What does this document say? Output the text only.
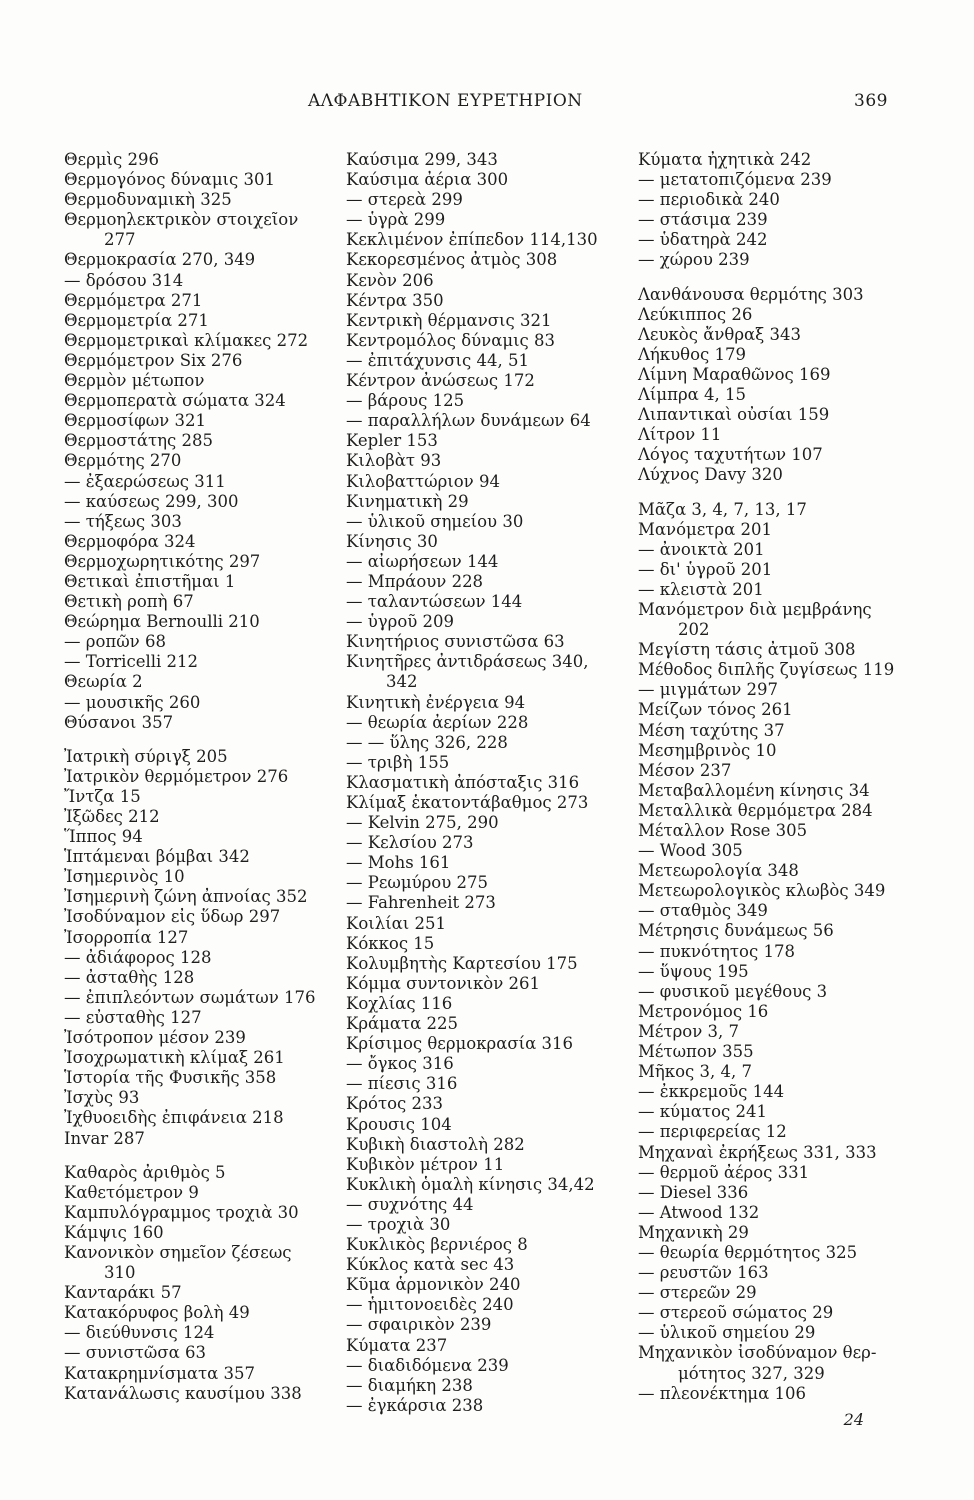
ΑΛΦΑΒΗΤΙΚΟΝ ΕΥΡΕΤΗΡΙΟΝ	369
Θερμὶς 296
Θερμογόνος δύναμις 301
Θερμοδυναμικὴ 325
Θερμοηλεκτρικὸν στοιχεῖον
277
Θερμοκρασία 270, 349
— δρόσου 314
Θερμόμετρα 271
Θερμομετρία 271
Θερμομετρικαὶ κλίμακες 272
Θερμόμετρον Six 276
Θερμὸν μέτωπον
Θερμοπερατὰ σώματα 324
Θερμοσίφων 321
Θερμοστάτης 285
Θερμότης 270
— ἐξαερώσεως 311
— καύσεως 299, 300
— τήξεως 303
Θερμοφόρα 324
Θερμοχωρητικότης 297
Θετικαὶ ἐπιστῆμαι 1
Θετικὴ ροπὴ 67
Θεώρημα Bernoulli 210
— ροπῶν 68
— Torricelli 212
Θεωρία 2
— μουσικῆς 260
Θύσανοι 357
Ἰατρικὴ σύριγξ 205
Ἰατρικὸν θερμόμετρον 276
Ἴντζα 15
Ἰξῶδες 212
Ἵππος 94
Ἱπτάμεναι βόμβαι 342
Ἰσημερινὸς 10
Ἰσημερινὴ ζώνη ἀπνοίας 352
Ἰσοδύναμον εἰς ὕδωρ 297
Ἰσορροπία 127
— ἀδιάφορος 128
— ἀσταθὴς 128
— ἐπιπλεόντων σωμάτων 176
— εὐσταθὴς 127
Ἰσότροπον μέσον 239
Ἰσοχρωματικὴ κλίμαξ 261
Ἱστορία τῆς Φυσικῆς 358
Ἰσχὺς 93
Ἰχθυοειδὴς ἐπιφάνεια 218
Invar 287
Καθαρὸς ἀριθμὸς 5
Καθετόμετρον 9
Καμπυλόγραμμος τροχιὰ 30
Κάμψις 160
Κανονικὸν σημεῖον ζέσεως
310
Κανταράκι 57
Κατακόρυφος βολὴ 49
— διεύθυνσις 124
— συνιστῶσα 63
Κατακρημνίσματα 357
Κατανάλωσις καυσίμου 338
Καύσιμα 299, 343
Καύσιμα ἀέρια 300
— στερεὰ 299
— ὑγρὰ 299
Κεκλιμένον ἐπίπεδον 114,130
Κεκορεσμένος ἀτμὸς 308
Κενὸν 206
Κέντρα 350
Κεντρικὴ θέρμανσις 321
Κεντρομόλος δύναμις 83
— ἐπιτάχυνσις 44, 51
Κέντρον ἀνώσεως 172
— βάρους 125
— παραλλήλων δυνάμεων 64
Kepler 153
Κιλοβὰτ 93
Κιλοβαττώριον 94
Κινηματικὴ 29
— ὑλικοῦ σημείου 30
Κίνησις 30
— αἰωρήσεων 144
— Μπράουν 228
— ταλαντώσεων 144
— ὑγροῦ 209
Κινητήριος συνιστῶσα 63
Κινητῆρες ἀντιδράσεως 340,
342
Κινητικὴ ἐνέργεια 94
— θεωρία ἀερίων 228
— — ὕλης 326, 228
— τριβὴ 155
Κλασματικὴ ἀπόσταξις 316
Κλίμαξ ἑκατοντάβαθμος 273
— Kelvin 275, 290
— Κελσίου 273
— Mohs 161
— Ρεωμύρου 275
— Fahrenheit 273
Κοιλίαι 251
Κόκκος 15
Κολυμβητὴς Καρτεσίου 175
Κόμμα συντονικὸν 261
Κοχλίας 116
Κράματα 225
Κρίσιμος θερμοκρασία 316
— ὄγκος 316
— πίεσις 316
Κρότος 233
Κρουσις 104
Κυβικὴ διαστολὴ 282
Κυβικὸν μέτρον 11
Κυκλικὴ ὁμαλὴ κίνησις 34,42
— συχνότης 44
— τροχιὰ 30
Κυκλικὸς βερνιέρος 8
Κύκλος κατὰ sec 43
Κῦμα ἁρμονικὸν 240
— ἡμιτονοειδὲς 240
— σφαιρικὸν 239
Κύματα 237
— διαδιδόμενα 239
— διαμήκη 238
— ἐγκάρσια 238
Κύματα ἠχητικὰ 242
— μετατοπιζόμενα 239
— περιοδικὰ 240
— στάσιμα 239
— ὑδατηρὰ 242
— χώρου 239
Λανθάνουσα θερμότης 303
Λεύκιππος 26
Λευκὸς ἄνθραξ 343
Λήκυθος 179
Λίμνη Μαραθῶνος 169
Λίμπρα 4, 15
Λιπαντικαὶ οὐσίαι 159
Λίτρον 11
Λόγος ταχυτήτων 107
Λύχνος Davy 320
Μᾶζα 3, 4, 7, 13, 17
Μανόμετρα 201
— ἀνοικτὰ 201
— δι' ὑγροῦ 201
— κλειστὰ 201
Μανόμετρον διὰ μεμβράνης
202
Μεγίστη τάσις ἀτμοῦ 308
Μέθοδος διπλῆς ζυγίσεως 119
— μιγμάτων 297
Μείζων τόνος 261
Μέση ταχύτης 37
Μεσημβρινὸς 10
Μέσον 237
Μεταβαλλομένη κίνησις 34
Μεταλλικὰ θερμόμετρα 284
Μέταλλον Rose 305
— Wood 305
Μετεωρολογία 348
Μετεωρολογικὸς κλωβὸς 349
— σταθμὸς 349
Μέτρησις δυνάμεως 56
— πυκνότητος 178
— ὕψους 195
— φυσικοῦ μεγέθους 3
Μετρονόμος 16
Μέτρον 3, 7
Μέτωπον 355
Μῆκος 3, 4, 7
— ἐκκρεμοῦς 144
— κύματος 241
— περιφερείας 12
Μηχαναὶ ἐκρήξεως 331, 333
— θερμοῦ ἀέρος 331
— Diesel 336
— Atwood 132
Μηχανικὴ 29
— θεωρία θερμότητος 325
— ρευστῶν 163
— στερεῶν 29
— στερεοῦ σώματος 29
— ὑλικοῦ σημείου 29
Μηχανικὸν ἰσοδύναμον θερ-
μότητος 327, 329
— πλεονέκτημα 106
24
